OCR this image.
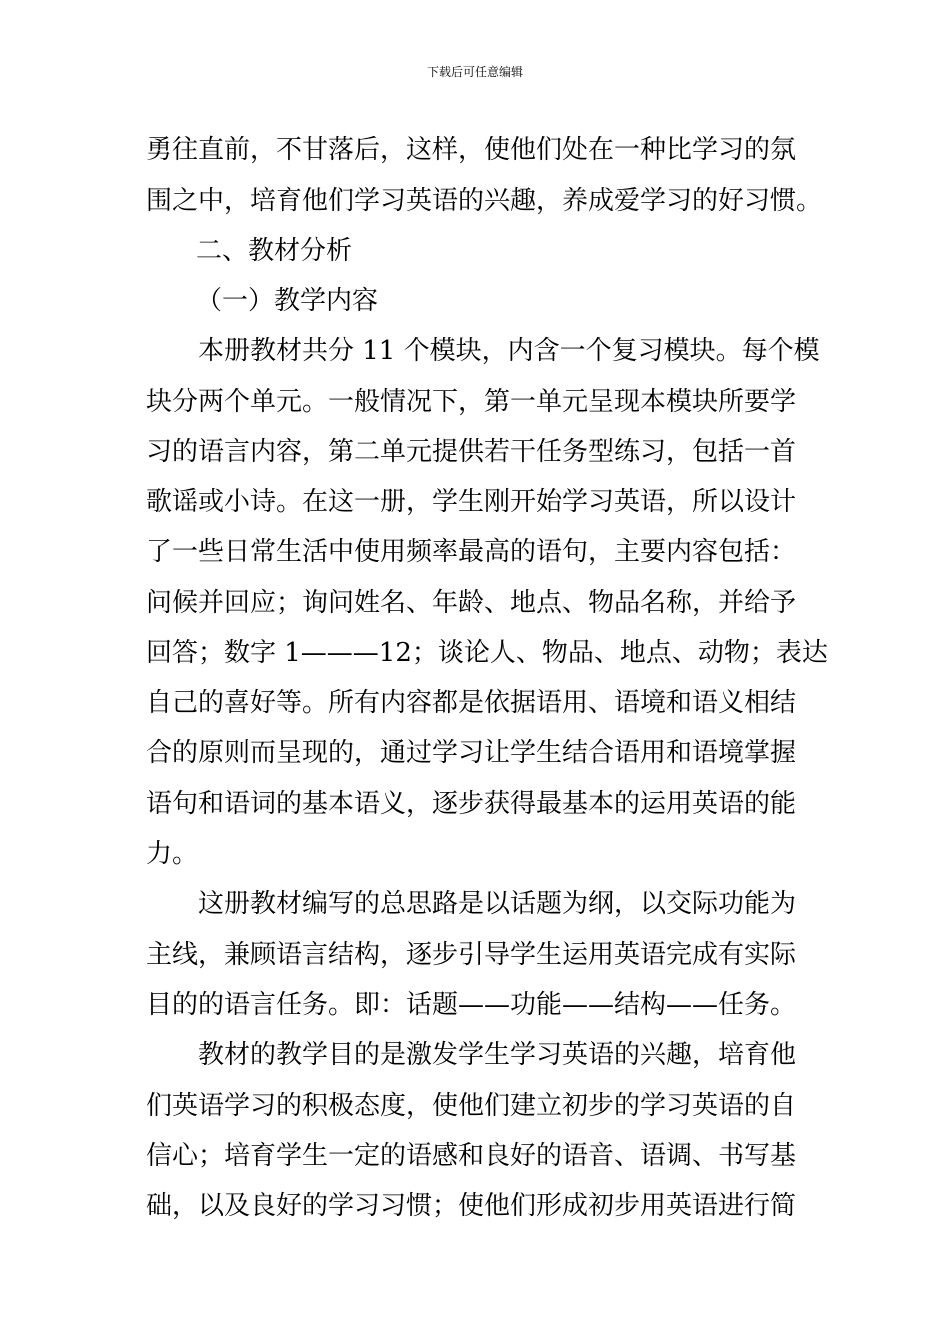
下载后可任意编辑
勇往直前，不甘落后，这样，使他们处在一种比学习的氛
围之中，培育他们学习英语的兴趣，养成爱学习的好习惯。
二、教材分析
（一）教学内容
本册教材共分 11 个模块，内含一个复习模块。每个模
块分两个单元。一般情况下，第一单元呈现本模块所要学
习的语言内容，第二单元提供若干任务型练习，包括一首
歌谣或小诗。在这一册，学生刚开始学习英语，所以设计
了一些日常生活中使用频率最高的语句，主要内容包括：
问候并回应；询问姓名、年龄、地点、物品名称，并给予
回答；数字 1———12；谈论人、物品、地点、动物；表达
自己的喜好等。所有内容都是依据语用、语境和语义相结
合的原则而呈现的，通过学习让学生结合语用和语境掌握
语句和语词的基本语义，逐步获得最基本的运用英语的能
力。
这册教材编写的总思路是以话题为纲，以交际功能为
主线，兼顾语言结构，逐步引导学生运用英语完成有实际
目的的语言任务。即：话题——功能——结构——任务。
教材的教学目的是激发学生学习英语的兴趣，培育他
们英语学习的积极态度，使他们建立初步的学习英语的自
信心；培育学生一定的语感和良好的语音、语调、书写基
础，以及良好的学习习惯；使他们形成初步用英语进行简
